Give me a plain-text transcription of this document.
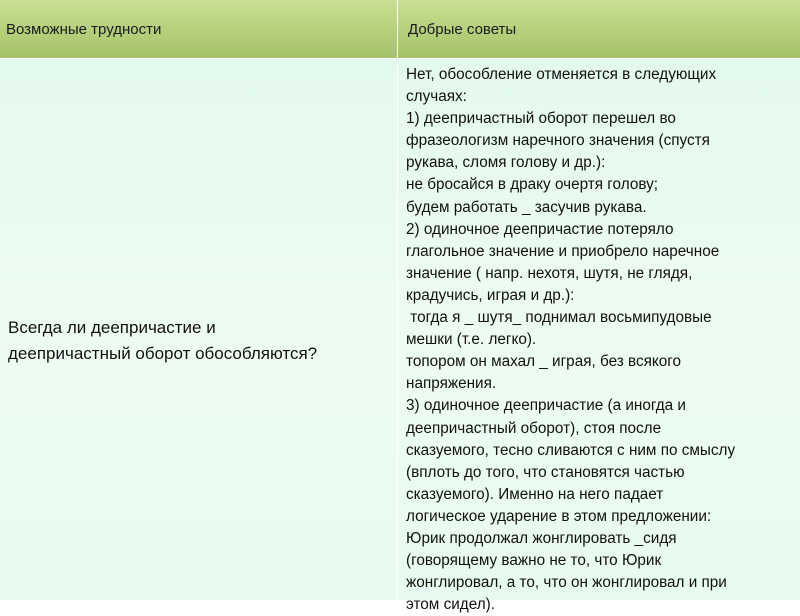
Возможные трудности	Добрые советы
Всегда ли деепричастие и
деепричастный оборот обособляются?
Нет, обособление отменяется в следующих
случаях:
1) деепричастный оборот перешел во
фразеологизм наречного значения (спустя
рукава, сломя голову и др.):
не бросайся в драку очертя голову;
будем работать _ засучив рукава.
2) одиночное деепричастие потеряло
глагольное значение и приобрело наречное
значение ( напр. нехотя, шутя, не глядя,
крадучись, играя и др.):
тогда я _ шутя_ поднимал восьмипудовые
мешки (т.е. легко).
топором он махал _ играя, без всякого
напряжения.
3) одиночное деепричастие (а иногда и
деепричастный оборот), стоя после
сказуемого, тесно сливаются с ним по смыслу
(вплоть до того, что становятся частью
сказуемого). Именно на него падает
логическое ударение в этом предложении:
Юрик продолжал жонглировать _сидя
(говорящему важно не то, что Юрик
жонглировал, а то, что он жонглировал и при
этом сидел).
